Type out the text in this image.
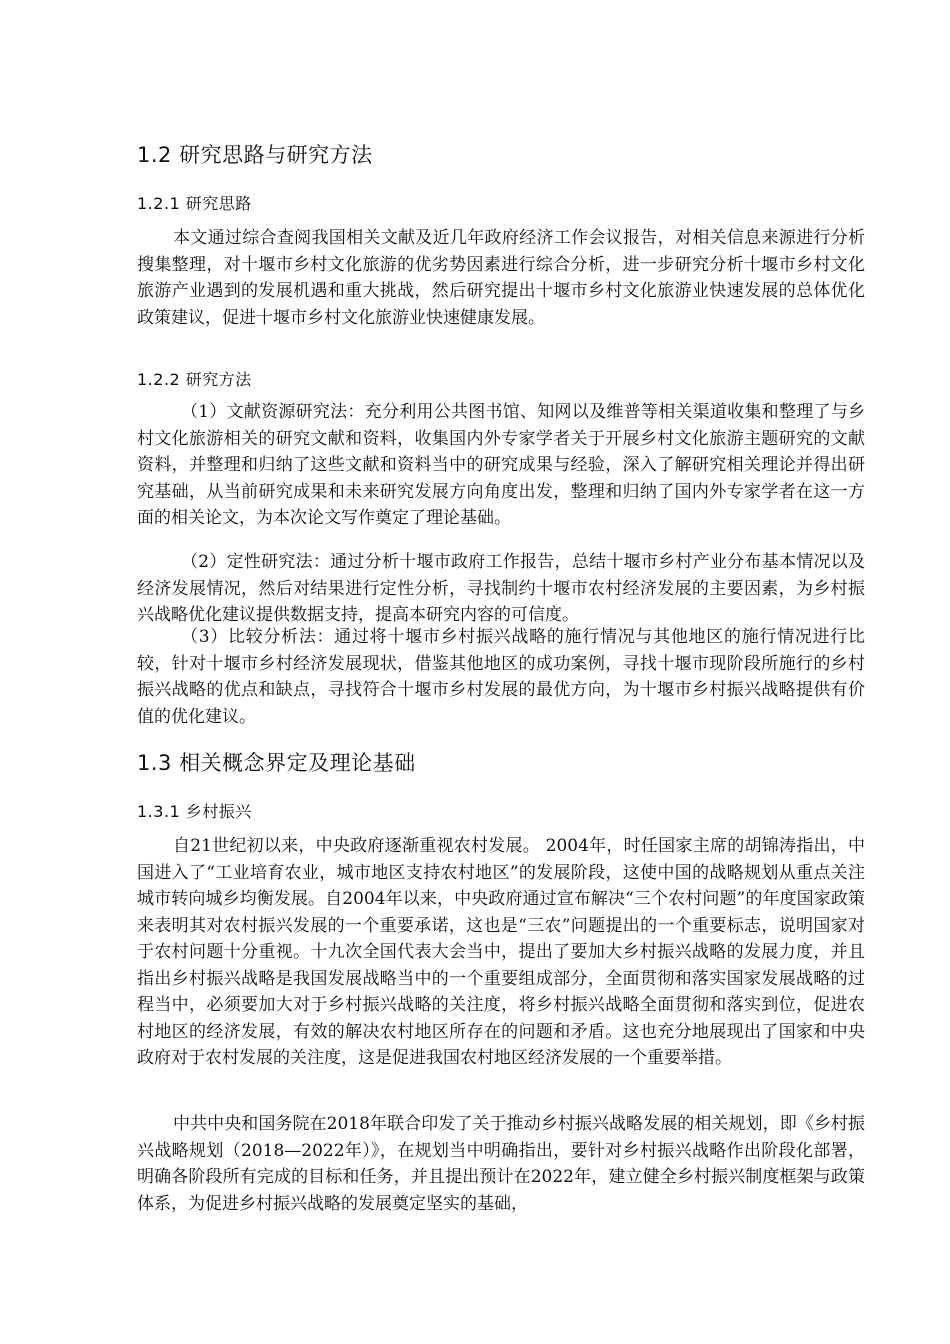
1.2 研究思路与研究方法
1.2.1 研究思路

本文通过综合查阅我国相关文献及近几年政府经济工作会议报告，对相关信息来源进行分析搜集整理，对十堰市乡村文化旅游的优劣势因素进行综合分析，进一步研究分析十堰市乡村文化旅游产业遇到的发展机遇和重大挑战，然后研究提出十堰市乡村文化旅游业快速发展的总体优化政策建议，促进十堰市乡村文化旅游业快速健康发展。

1.2.2 研究方法

（1）文献资源研究法：充分利用公共图书馆、知网以及维普等相关渠道收集和整理了与乡村文化旅游相关的研究文献和资料，收集国内外专家学者关于开展乡村文化旅游主题研究的文献资料，并整理和归纳了这些文献和资料当中的研究成果与经验，深入了解研究相关理论并得出研究基础，从当前研究成果和未来研究发展方向角度出发，整理和归纳了国内外专家学者在这一方面的相关论文，为本次论文写作奠定了理论基础。

（2）定性研究法：通过分析十堰市政府工作报告，总结十堰市乡村产业分布基本情况以及经济发展情况，然后对结果进行定性分析，寻找制约十堰市农村经济发展的主要因素，为乡村振兴战略优化建议提供数据支持，提高本研究内容的可信度。

（3）比较分析法：通过将十堰市乡村振兴战略的施行情况与其他地区的施行情况进行比较，针对十堰市乡村经济发展现状，借鉴其他地区的成功案例，寻找十堰市现阶段所施行的乡村振兴战略的优点和缺点，寻找符合十堰市乡村发展的最优方向，为十堰市乡村振兴战略提供有价值的优化建议。

1.3 相关概念界定及理论基础
1.3.1 乡村振兴

自21世纪初以来，中央政府逐渐重视农村发展。 2004年，时任国家主席的胡锦涛指出，中国进入了“工业培育农业，城市地区支持农村地区”的发展阶段，这使中国的战略规划从重点关注城市转向城乡均衡发展。自2004年以来，中央政府通过宣布解决“三个农村问题”的年度国家政策来表明其对农村振兴发展的一个重要承诺，这也是“三农”问题提出的一个重要标志，说明国家对于农村问题十分重视。十九次全国代表大会当中，提出了要加大乡村振兴战略的发展力度，并且指出乡村振兴战略是我国发展战略当中的一个重要组成部分，全面贯彻和落实国家发展战略的过程当中，必须要加大对于乡村振兴战略的关注度，将乡村振兴战略全面贯彻和落实到位，促进农村地区的经济发展，有效的解决农村地区所存在的问题和矛盾。这也充分地展现出了国家和中央政府对于农村发展的关注度，这是促进我国农村地区经济发展的一个重要举措。

中共中央和国务院在2018年联合印发了关于推动乡村振兴战略发展的相关规划，即《乡村振兴战略规划（2018—2022年）》，在规划当中明确指出，要针对乡村振兴战略作出阶段化部署，明确各阶段所有完成的目标和任务，并且提出预计在2022年，建立健全乡村振兴制度框架与政策体系，为促进乡村振兴战略的发展奠定坚实的基础，
